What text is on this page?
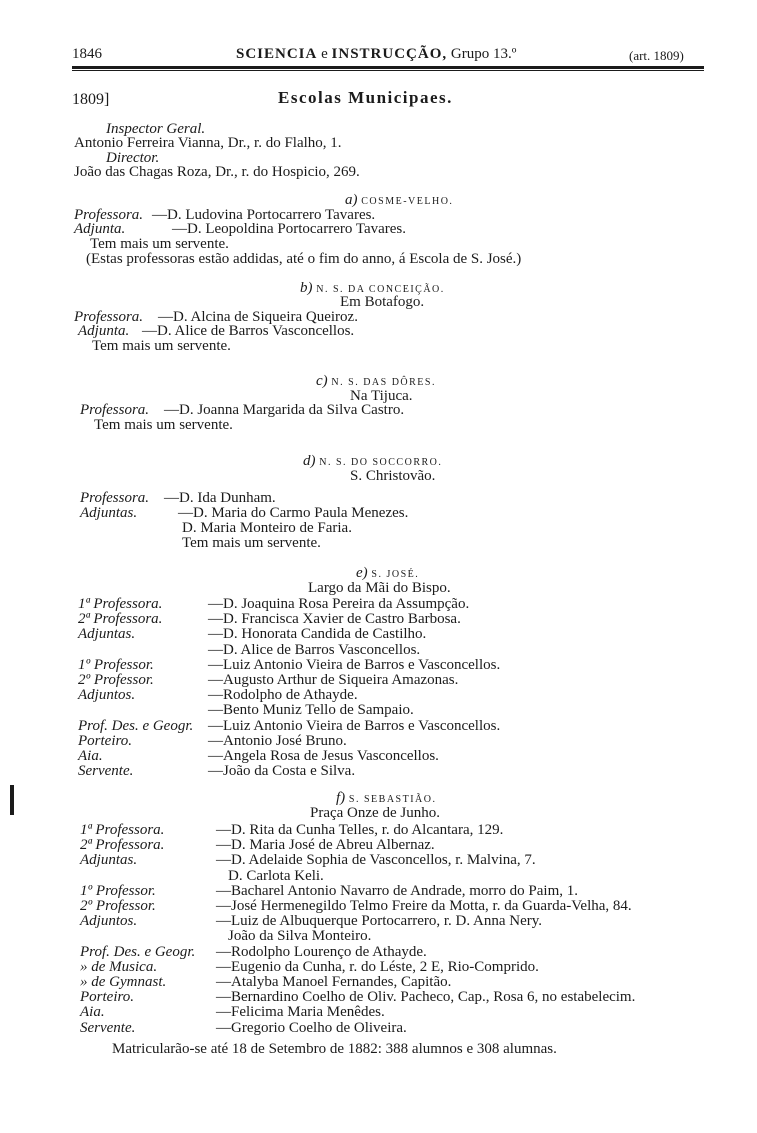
1846	SCIENCIA e INSTRUCÇÃO, Grupo 13.º	(art. 1809)
1809]	Escolas Municipaes.
Inspector Geral.
Antonio Ferreira Vianna, Dr., r. do Flalho, 1.
Director.
João das Chagas Roza, Dr., r. do Hospicio, 269.
a) COSME-VELHO.
Professora. —D. Ludovina Portocarrero Tavares.
Adjunta.	—D. Leopoldina Portocarrero Tavares.
Tem mais um servente.
(Estas professoras estão addidas, até o fim do anno, á Escola de S. José.)
b) N. S. DA CONCEIÇÃO.
Em Botafogo.
Professora. —D. Alcina de Siqueira Queiroz.
Adjunta. —D. Alice de Barros Vasconcellos.
Tem mais um servente.
c) N. S. DAS DÔRES.
Na Tijuca.
Professora. —D. Joanna Margarida da Silva Castro.
Tem mais um servente.
d) N. S. DO SOCCORRO.
S. Christovão.
Professora. —D. Ida Dunham.
Adjuntas.	—D. Maria do Carmo Paula Menezes.
D. Maria Monteiro de Faria.
Tem mais um servente.
e) S. JOSÉ.
Largo da Mãi do Bispo.
1ª Professora.	—D. Joaquina Rosa Pereira da Assumpção.
2ª Professora.	—D. Francisca Xavier de Castro Barbosa.
Adjuntas.	—D. Honorata Candida de Castilho.
—D. Alice de Barros Vasconcellos.
1º Professor.	—Luiz Antonio Vieira de Barros e Vasconcellos.
2º Professor.	—Augusto Arthur de Siqueira Amazonas.
Adjuntos.	—Rodolpho de Athayde.
—Bento Muniz Tello de Sampaio.
Prof. Des. e Geogr. —Luiz Antonio Vieira de Barros e Vasconcellos.
Porteiro.	—Antonio José Bruno.
Aia.	—Angela Rosa de Jesus Vasconcellos.
Servente.	—João da Costa e Silva.
f) S. SEBASTIÃO.
Praça Onze de Junho.
1ª Professora.	—D. Rita da Cunha Telles, r. do Alcantara, 129.
2ª Professora.	—D. Maria José de Abreu Albernaz.
Adjuntas.	—D. Adelaide Sophia de Vasconcellos, r. Malvina, 7.
D. Carlota Keli.
1º Professor.	—Bacharel Antonio Navarro de Andrade, morro do Paim, 1.
2º Professor.	—José Hermenegildo Telmo Freire da Motta, r. da Guarda-Velha, 84.
Adjuntos.	—Luiz de Albuquerque Portocarrero, r. D. Anna Nery.
João da Silva Monteiro.
Prof. Des. e Geogr. —Rodolpho Lourenço de Athayde.
» de Musica.	—Eugenio da Cunha, r. do Léste, 2 E, Rio-Comprido.
» de Gymnast.	—Atalyba Manoel Fernandes, Capitão.
Porteiro.	—Bernardino Coelho de Oliv. Pacheco, Cap., Rosa 6, no estabelecim.
Aia.	—Felicima Maria Menêdes.
Servente.	—Gregorio Coelho de Oliveira.
Matricularão-se até 18 de Setembro de 1882: 388 alumnos e 308 alumnas.
